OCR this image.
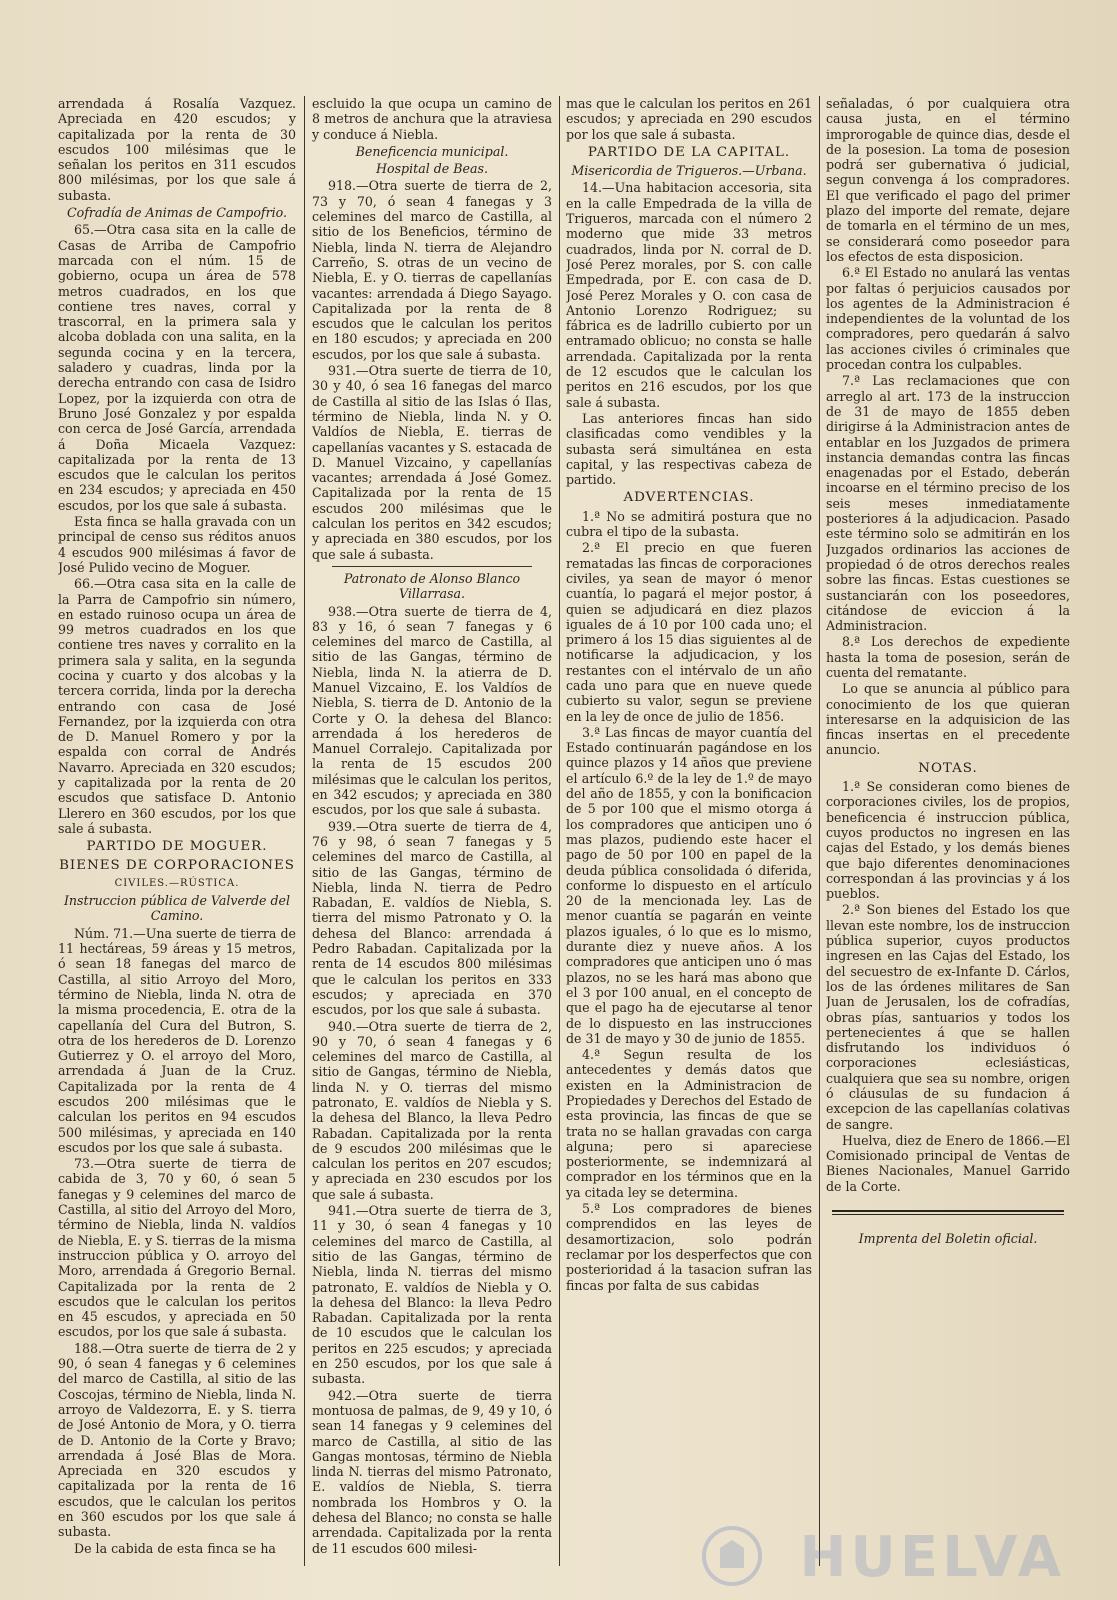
arrendada á Rosalía Vazquez. Apreciada en 420 escudos; y capitalizada por la renta de 30 escudos 100 milésimas que le señalan los peritos en 311 escudos 800 milésimas, por los que sale á subasta.

Cofradía de Animas de Campofrio.

65.—Otra casa sita en la calle de Casas de Arriba de Campofrio marcada con el núm. 15 de gobierno, ocupa un área de 578 metros cuadrados, en los que contiene tres naves, corral y trascorral, en la primera sala y alcoba doblada con una salita, en la segunda cocina y en la tercera, saladero y cuadras, linda por la derecha entrando con casa de Isidro Lopez, por la izquierda con otra de Bruno José Gonzalez y por espalda con cerca de José García, arrendada á Doña Micaela Vazquez: capitalizada por la renta de 13 escudos que le calculan los peritos en 234 escudos; y apreciada en 450 escudos, por los que sale á subasta.

Esta finca se halla gravada con un principal de censo sus réditos anuos 4 escudos 900 milésimas á favor de José Pulido vecino de Moguer.

66.—Otra casa sita en la calle de la Parra de Campofrio sin número, en estado ruinoso ocupa un área de 99 metros cuadrados en los que contiene tres naves y corralito en la primera sala y salita, en la segunda cocina y cuarto y dos alcobas y la tercera corrida, linda por la derecha entrando con casa de José Fernandez, por la izquierda con otra de D. Manuel Romero y por la espalda con corral de Andrés Navarro. Apreciada en 320 escudos; y capitalizada por la renta de 20 escudos que satisface D. Antonio Llerero en 360 escudos, por los que sale á subasta.

PARTIDO DE MOGUER.

BIENES DE CORPORACIONES

CIVILES.—RÚSTICA.

Instruccion pública de Valverde del Camino.

Núm. 71.—Una suerte de tierra de 11 hectáreas, 59 áreas y 15 metros, ó sean 18 fanegas del marco de Castilla, al sitio Arroyo del Moro, término de Niebla, linda N. otra de la misma procedencia, E. otra de la capellanía del Cura del Butron, S. otra de los herederos de D. Lorenzo Gutierrez y O. el arroyo del Moro, arrendada á Juan de la Cruz. Capitalizada por la renta de 4 escudos 200 milésimas que le calculan los peritos en 94 escudos 500 milésimas, y apreciada en 140 escudos por los que sale á subasta.

73.—Otra suerte de tierra de cabida de 3, 70 y 60, ó sean 5 fanegas y 9 celemines del marco de Castilla, al sitio del Arroyo del Moro, término de Niebla, linda N. valdíos de Niebla, E. y S. tierras de la misma instruccion pública y O. arroyo del Moro, arrendada á Gregorio Bernal. Capitalizada por la renta de 2 escudos que le calculan los peritos en 45 escudos, y apreciada en 50 escudos, por los que sale á subasta.

188.—Otra suerte de tierra de 2 y 90, ó sean 4 fanegas y 6 celemines del marco de Castilla, al sitio de las Coscojas, término de Niebla, linda N. arroyo de Valdezorra, E. y S. tierra de José Antonio de Mora, y O. tierra de D. Antonio de la Corte y Bravo; arrendada á José Blas de Mora. Apreciada en 320 escudos y capitalizada por la renta de 16 escudos, que le calculan los peritos en 360 escudos por los que sale á subasta.

De la cabida de esta finca se ha

escluido la que ocupa un camino de 8 metros de anchura que la atraviesa y conduce á Niebla.

Beneficencia municipal.

Hospital de Beas.

918.—Otra suerte de tierra de 2, 73 y 70, ó sean 4 fanegas y 3 celemines del marco de Castilla, al sitio de los Beneficios, término de Niebla, linda N. tierra de Alejandro Carreño, S. otras de un vecino de Niebla, E. y O. tierras de capellanías vacantes: arrendada á Diego Sayago. Capitalizada por la renta de 8 escudos que le calculan los peritos en 180 escudos; y apreciada en 200 escudos, por los que sale á subasta.

931.—Otra suerte de tierra de 10, 30 y 40, ó sea 16 fanegas del marco de Castilla al sitio de las Islas ó Ilas, término de Niebla, linda N. y O. Valdíos de Niebla, E. tierras de capellanías vacantes y S. estacada de D. Manuel Vizcaino, y capellanías vacantes; arrendada á José Gomez. Capitalizada por la renta de 15 escudos 200 milésimas que le calculan los peritos en 342 escudos; y apreciada en 380 escudos, por los que sale á subasta.

Patronato de Alonso Blanco Villarrasa.

938.—Otra suerte de tierra de 4, 83 y 16, ó sean 7 fanegas y 6 celemines del marco de Castilla, al sitio de las Gangas, término de Niebla, linda N. la atierra de D. Manuel Vizcaino, E. los Valdíos de Niebla, S. tierra de D. Antonio de la Corte y O. la dehesa del Blanco: arrendada á los herederos de Manuel Corralejo. Capitalizada por la renta de 15 escudos 200 milésimas que le calculan los peritos, en 342 escudos; y apreciada en 380 escudos, por los que sale á subasta.

939.—Otra suerte de tierra de 4, 76 y 98, ó sean 7 fanegas y 5 celemines del marco de Castilla, al sitio de las Gangas, término de Niebla, linda N. tierra de Pedro Rabadan, E. valdíos de Niebla, S. tierra del mismo Patronato y O. la dehesa del Blanco: arrendada á Pedro Rabadan. Capitalizada por la renta de 14 escudos 800 milésimas que le calculan los peritos en 333 escudos; y apreciada en 370 escudos, por los que sale á subasta.

940.—Otra suerte de tierra de 2, 90 y 70, ó sean 4 fanegas y 6 celemines del marco de Castilla, al sitio de Gangas, término de Niebla, linda N. y O. tierras del mismo patronato, E. valdíos de Niebla y S. la dehesa del Blanco, la lleva Pedro Rabadan. Capitalizada por la renta de 9 escudos 200 milésimas que le calculan los peritos en 207 escudos; y apreciada en 230 escudos por los que sale á subasta.

941.—Otra suerte de tierra de 3, 11 y 30, ó sean 4 fanegas y 10 celemines del marco de Castilla, al sitio de las Gangas, término de Niebla, linda N. tierras del mismo patronato, E. valdíos de Niebla y O. la dehesa del Blanco: la lleva Pedro Rabadan. Capitalizada por la renta de 10 escudos que le calculan los peritos en 225 escudos; y apreciada en 250 escudos, por los que sale á subasta.

942.—Otra suerte de tierra montuosa de palmas, de 9, 49 y 10, ó sean 14 fanegas y 9 celemines del marco de Castilla, al sitio de las Gangas montosas, término de Niebla linda N. tierras del mismo Patronato, E. valdíos de Niebla, S. tierra nombrada los Hombros y O. la dehesa del Blanco; no consta se halle arrendada. Capitalizada por la renta de 11 escudos 600 milesi-

mas que le calculan los peritos en 261 escudos; y apreciada en 290 escudos por los que sale á subasta.

PARTIDO DE LA CAPITAL.

Misericordia de Trigueros.—Urbana.

14.—Una habitacion accesoria, sita en la calle Empedrada de la villa de Trigueros, marcada con el número 2 moderno que mide 33 metros cuadrados, linda por N. corral de D. José Perez morales, por S. con calle Empedrada, por E. con casa de D. José Perez Morales y O. con casa de Antonio Lorenzo Rodriguez; su fábrica es de ladrillo cubierto por un entramado oblicuo; no consta se halle arrendada. Capitalizada por la renta de 12 escudos que le calculan los peritos en 216 escudos, por los que sale á subasta.

Las anteriores fincas han sido clasificadas como vendibles y la subasta será simultánea en esta capital, y las respectivas cabeza de partido.

ADVERTENCIAS.

1.ª No se admitirá postura que no cubra el tipo de la subasta.

2.ª El precio en que fueren rematadas las fincas de corporaciones civiles, ya sean de mayor ó menor cuantía, lo pagará el mejor postor, á quien se adjudicará en diez plazos iguales de á 10 por 100 cada uno; el primero á los 15 dias siguientes al de notificarse la adjudicacion, y los restantes con el intérvalo de un año cada uno para que en nueve quede cubierto su valor, segun se previene en la ley de once de julio de 1856.

3.ª Las fincas de mayor cuantía del Estado continuarán pagándose en los quince plazos y 14 años que previene el artículo 6.º de la ley de 1.º de mayo del año de 1855, y con la bonificacion de 5 por 100 que el mismo otorga á los compradores que anticipen uno ó mas plazos, pudiendo este hacer el pago de 50 por 100 en papel de la deuda pública consolidada ó diferida, conforme lo dispuesto en el artículo 20 de la mencionada ley. Las de menor cuantía se pagarán en veinte plazos iguales, ó lo que es lo mismo, durante diez y nueve años. A los compradores que anticipen uno ó mas plazos, no se les hará mas abono que el 3 por 100 anual, en el concepto de que el pago ha de ejecutarse al tenor de lo dispuesto en las instrucciones de 31 de mayo y 30 de junio de 1855.

4.ª Segun resulta de los antecedentes y demás datos que existen en la Administracion de Propiedades y Derechos del Estado de esta provincia, las fincas de que se trata no se hallan gravadas con carga alguna; pero si apareciese posteriormente, se indemnizará al comprador en los términos que en la ya citada ley se determina.

5.ª Los compradores de bienes comprendidos en las leyes de desamortizacion, solo podrán reclamar por los desperfectos que con posterioridad á la tasacion sufran las fincas por falta de sus cabidas

señaladas, ó por cualquiera otra causa justa, en el término improrogable de quince dias, desde el de la posesion. La toma de posesion podrá ser gubernativa ó judicial, segun convenga á los compradores. El que verificado el pago del primer plazo del importe del remate, dejare de tomarla en el término de un mes, se considerará como poseedor para los efectos de esta disposicion.

6.ª El Estado no anulará las ventas por faltas ó perjuicios causados por los agentes de la Administracion é independientes de la voluntad de los compradores, pero quedarán á salvo las acciones civiles ó criminales que procedan contra los culpables.

7.ª Las reclamaciones que con arreglo al art. 173 de la instruccion de 31 de mayo de 1855 deben dirigirse á la Administracion antes de entablar en los Juzgados de primera instancia demandas contra las fincas enagenadas por el Estado, deberán incoarse en el término preciso de los seis meses inmediatamente posteriores á la adjudicacion. Pasado este término solo se admitirán en los Juzgados ordinarios las acciones de propiedad ó de otros derechos reales sobre las fincas. Estas cuestiones se sustanciarán con los poseedores, citándose de eviccion á la Administracion.

8.ª Los derechos de expediente hasta la toma de posesion, serán de cuenta del rematante.

Lo que se anuncia al público para conocimiento de los que quieran interesarse en la adquisicion de las fincas insertas en el precedente anuncio.

NOTAS.

1.ª Se consideran como bienes de corporaciones civiles, los de propios, beneficencia é instruccion pública, cuyos productos no ingresen en las cajas del Estado, y los demás bienes que bajo diferentes denominaciones correspondan á las provincias y á los pueblos.

2.ª Son bienes del Estado los que llevan este nombre, los de instruccion pública superior, cuyos productos ingresen en las Cajas del Estado, los del secuestro de ex-Infante D. Cárlos, los de las órdenes militares de San Juan de Jerusalen, los de cofradías, obras pías, santuarios y todos los pertenecientes á que se hallen disfrutando los individuos ó corporaciones eclesiásticas, cualquiera que sea su nombre, origen ó cláusulas de su fundacion á excepcion de las capellanías colativas de sangre.

Huelva, diez de Enero de 1866.—El Comisionado principal de Ventas de Bienes Nacionales, Manuel Garrido de la Corte.

Imprenta del Boletin oficial.

HUELVA
